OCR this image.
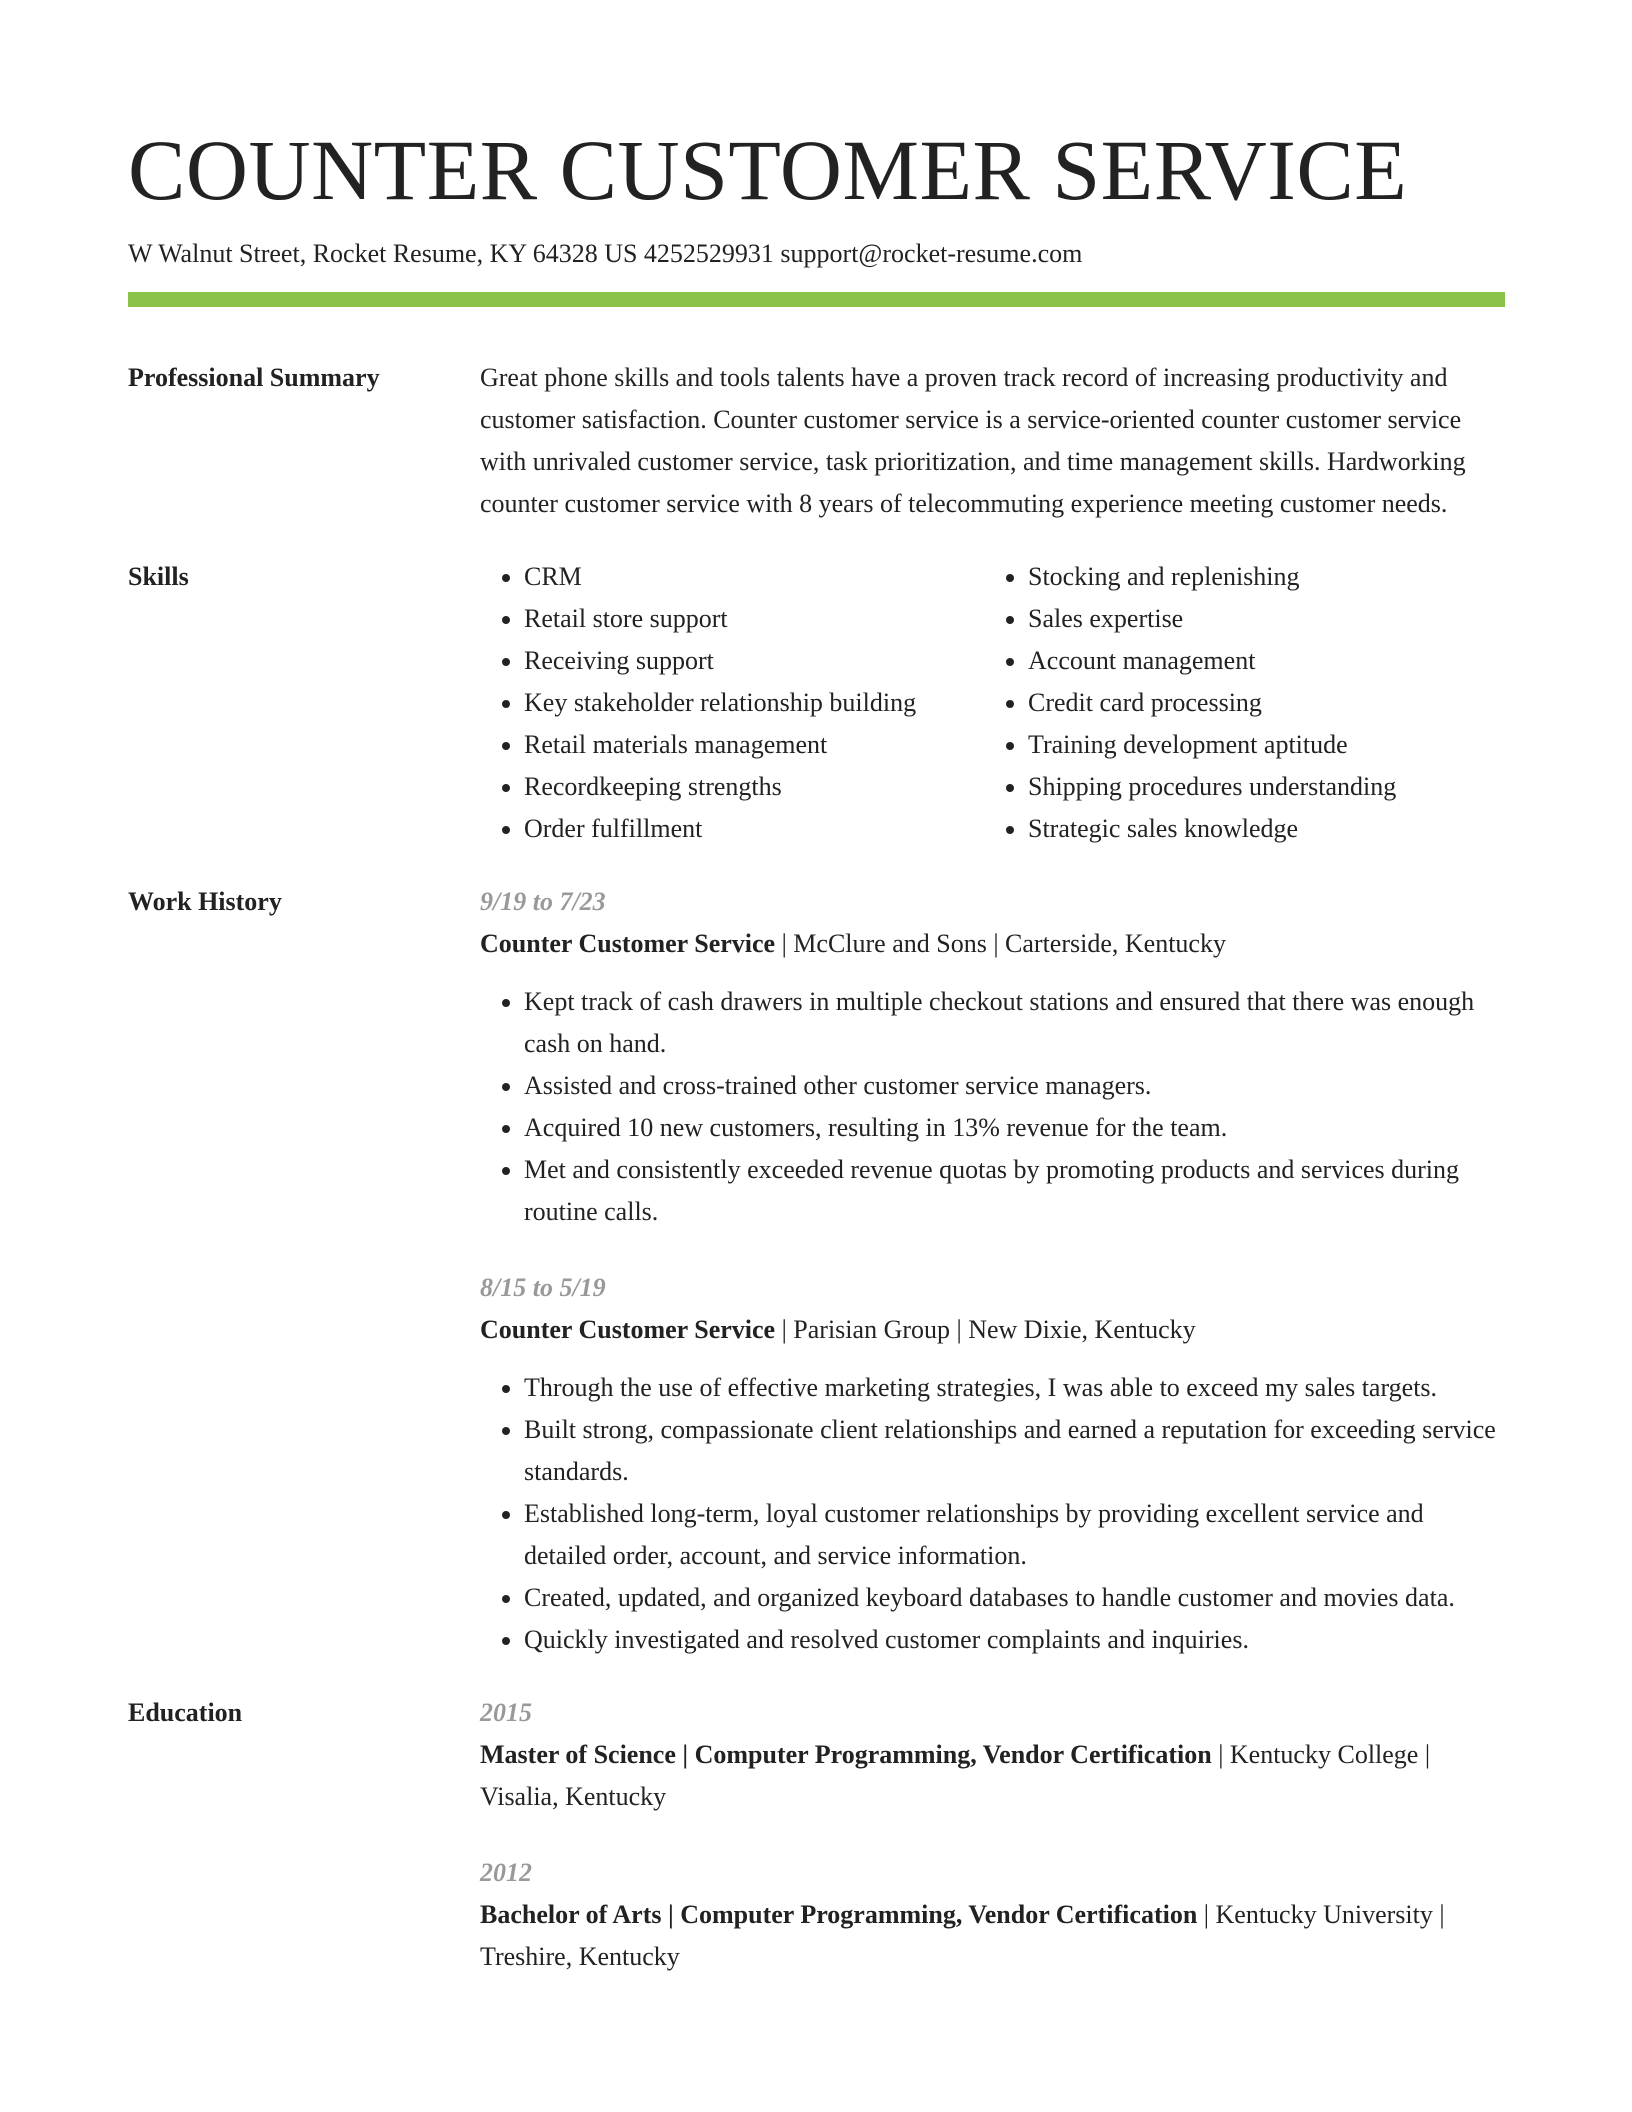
COUNTER CUSTOMER SERVICE
W Walnut Street, Rocket Resume, KY 64328 US 4252529931 support@rocket-resume.com
Professional Summary	Great phone skills and tools talents have a proven track record of increasing productivity and customer satisfaction. Counter customer service is a service-oriented counter customer service with unrivaled customer service, task prioritization, and time management skills. Hardworking counter customer service with 8 years of telecommuting experience meeting customer needs.

Skills
•	CRM
• Retail store support
• Receiving support
• Key stakeholder relationship building
• Retail materials management
• Recordkeeping strengths
• Order fulfillment
• Stocking and replenishing
• Sales expertise
• Account management
• Credit card processing
• Training development aptitude
• Shipping procedures understanding
• Strategic sales knowledge
Work History	9/19 to 7/23
Counter Customer Service | McClure and Sons | Carterside, Kentucky
• Kept track of cash drawers in multiple checkout stations and ensured that there was enough cash on hand.
• Assisted and cross-trained other customer service managers.
• Acquired 10 new customers, resulting in 13% revenue for the team.
• Met and consistently exceeded revenue quotas by promoting products and services during routine calls.
8/15 to 5/19
Counter Customer Service | Parisian Group | New Dixie, Kentucky
• Through the use of effective marketing strategies, I was able to exceed my sales targets.
• Built strong, compassionate client relationships and earned a reputation for exceeding service standards.
• Established long-term, loyal customer relationships by providing excellent service and detailed order, account, and service information.
• Created, updated, and organized keyboard databases to handle customer and movies data.
• Quickly investigated and resolved customer complaints and inquiries.
Education	2015
Master of Science | Computer Programming, Vendor Certification | Kentucky College | Visalia, Kentucky
2012
Bachelor of Arts | Computer Programming, Vendor Certification | Kentucky University | Treshire, Kentucky
